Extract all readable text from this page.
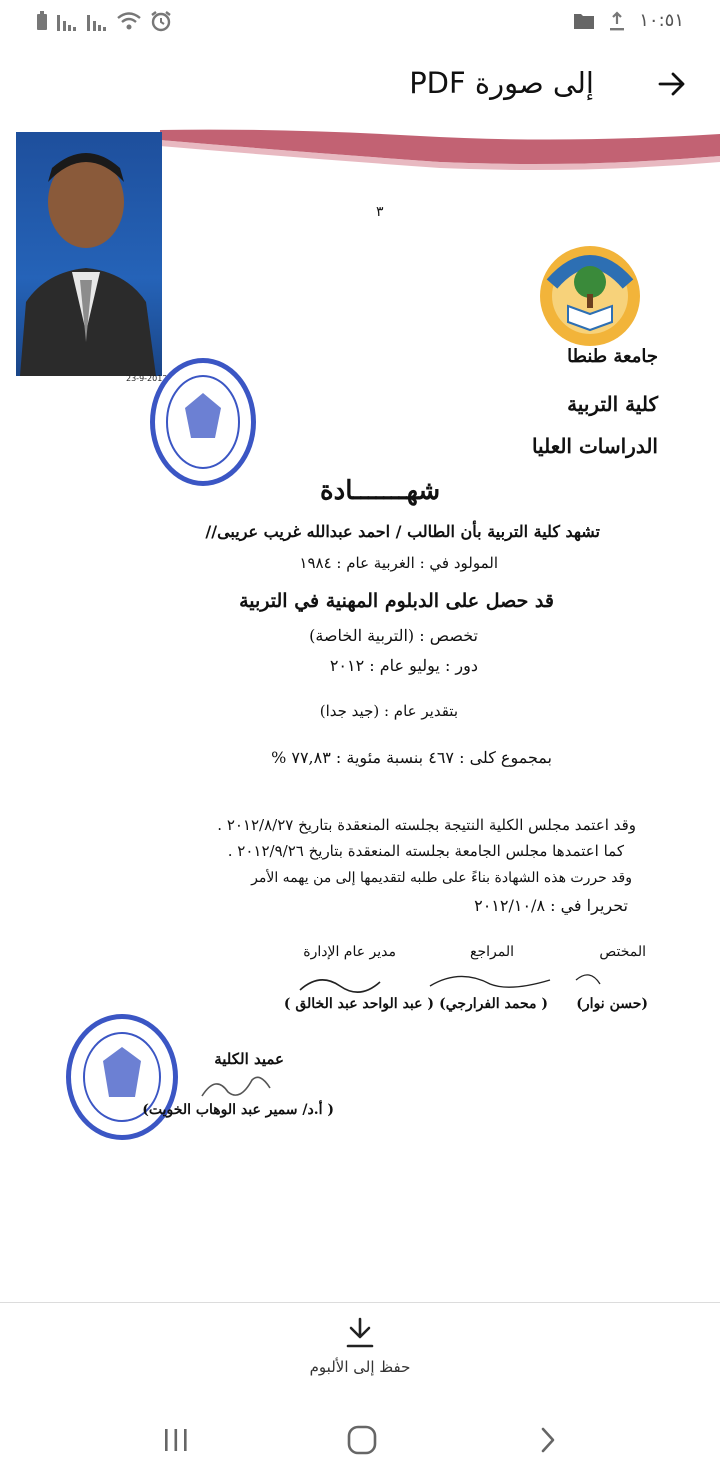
١٠:٥١
إلى صورة PDF
23-9-2012
٣
جامعة طنطا
كلية التربية
الدراسات العليا
شهـــــــادة
تشهد كلية التربية بأن الطالب / احمد عبدالله غريب عريبى//
المولود في : الغربية عام : ١٩٨٤
قد حصل على الدبلوم المهنية في التربية
تخصص : (التربية الخاصة)
دور : يوليو عام : ٢٠١٢
بتقدير عام : (جيد جدا)
بمجموع كلى : ٤٦٧ بنسبة مئوية : ٧٧,٨٣ %
وقد اعتمد مجلس الكلية النتيجة بجلسته المنعقدة بتاريخ ٢٠١٢/٨/٢٧ .
كما اعتمدها مجلس الجامعة بجلسته المنعقدة بتاريخ ٢٠١٢/٩/٢٦ .
وقد حررت هذه الشهادة بناءً على طلبه لتقديمها إلى من يهمه الأمر
تحريرا في : ٢٠١٢/١٠/٨
المختص
المراجع
مدير عام الإدارة
(حسن نوار)
( محمد الفرارجي)
( عبد الواحد عبد الخالق )
عميد الكلية
( أ.د/ سمير عبد الوهاب الخويت)
حفظ إلى الألبوم
